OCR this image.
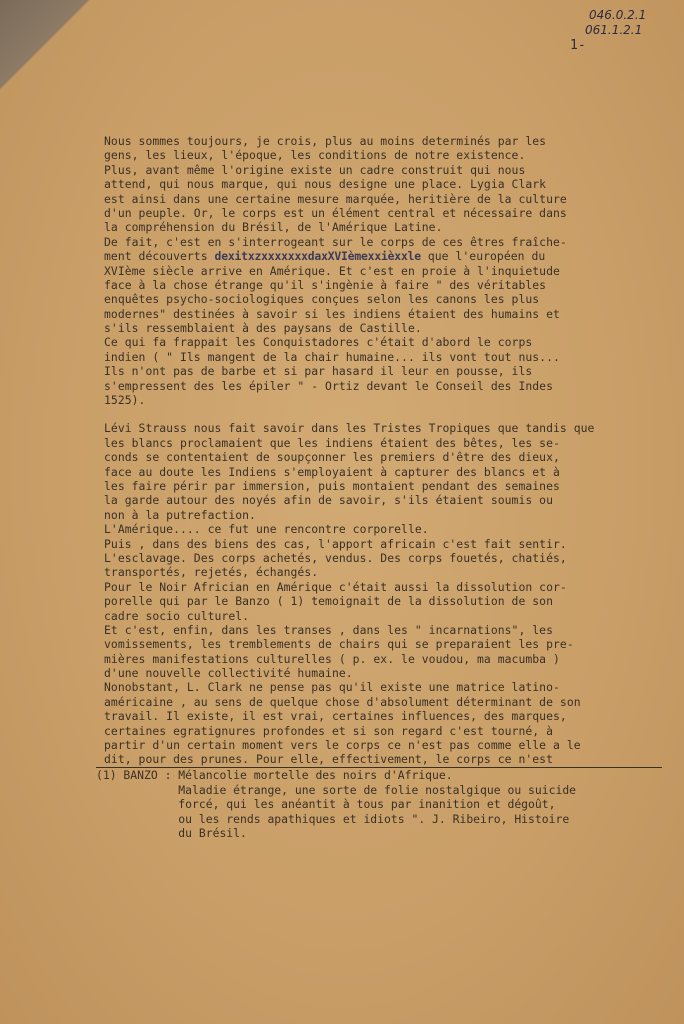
046.0.2.1
061.1.2.1
1-
Nous sommes toujours, je crois, plus au moins determinés par les
gens, les lieux, l'époque, les conditions de notre existence.
Plus, avant même l'origine existe un cadre construit qui nous
attend, qui nous marque, qui nous designe une place. Lygia Clark
est ainsi dans une certaine mesure marquée, heritière de la culture
d'un peuple. Or, le corps est un élément central et nécessaire dans
la compréhension du Brésil, de l'Amérique Latine.
De fait, c'est en s'interrogeant sur le corps de ces êtres fraîche-
ment découverts dexitxzxxxxxxxdaxXVIèmexxièxxle que l'européen du
XVIème siècle arrive en Amérique. Et c'est en proie à l'inquietude
face à la chose étrange qu'il s'ingènie à faire " des véritables
enquêtes psycho-sociologiques conçues selon les canons les plus
modernes" destinées à savoir si les indiens étaient des humains et
s'ils ressemblaient à des paysans de Castille.
Ce qui fa frappait les Conquistadores c'était d'abord le corps
indien ( " Ils mangent de la chair humaine... ils vont tout nus...
Ils n'ont pas de barbe et si par hasard il leur en pousse, ils
s'empressent des les épiler " - Ortiz devant le Conseil des Indes
1525).
Lévi Strauss nous fait savoir dans les Tristes Tropiques que tandis que
les blancs proclamaient que les indiens étaient des bêtes, les se-
conds se contentaient de soupçonner les premiers d'être des dieux,
face au doute les Indiens s'employaient à capturer des blancs et à
les faire périr par immersion, puis montaient pendant des semaines
la garde autour des noyés afin de savoir, s'ils étaient soumis ou
non à la putrefaction.
L'Amérique.... ce fut une rencontre corporelle.
Puis , dans des biens des cas, l'apport africain c'est fait sentir.
L'esclavage. Des corps achetés, vendus. Des corps fouetés, chatiés,
transportés, rejetés, échangés.
Pour le Noir Africian en Amérique c'était aussi la dissolution cor-
porelle qui par le Banzo ( 1) temoignait de la dissolution de son
cadre socio culturel.
Et c'est, enfin, dans les transes , dans les " incarnations", les
vomissements, les tremblements de chairs qui se preparaient les pre-
mières manifestations culturelles ( p. ex. le voudou, ma macumba )
d'une nouvelle collectivité humaine.
Nonobstant, L. Clark ne pense pas qu'il existe une matrice latino-
américaine , au sens de quelque chose d'absolument déterminant de son
travail. Il existe, il est vrai, certaines influences, des marques,
certaines egratignures profondes et si son regard c'est tourné, à
partir d'un certain moment vers le corps ce n'est pas comme elle a le
dit, pour des prunes. Pour elle, effectivement, le corps ce n'est
(1) BANZO : Mélancolie mortelle des noirs d'Afrique.
Maladie étrange, une sorte de folie nostalgique ou suicide
forcé, qui les anéantit à tous par inanition et dégoût,
ou les rends apathiques et idiots ". J. Ribeiro, Histoire
du Brésil.
